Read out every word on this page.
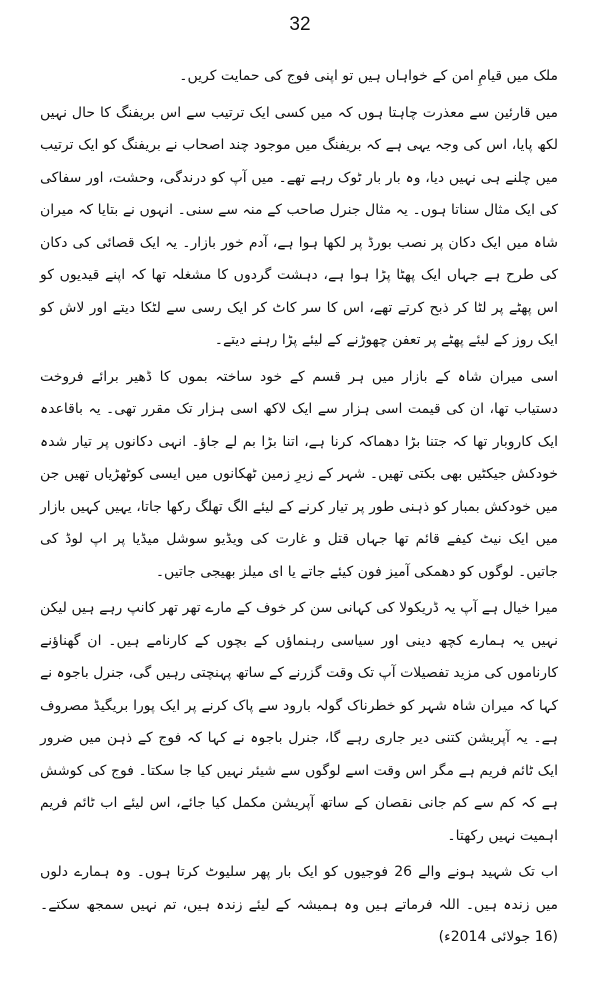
32

ملک میں قیامِ امن کے خواہاں ہیں تو اپنی فوج کی حمایت کریں۔

میں قارئین سے معذرت چاہتا ہوں کہ میں کسی ایک ترتیب سے اس بریفنگ کا حال نہیں لکھ پایا، اس کی وجہ یہی ہے کہ بریفنگ میں موجود چند اصحاب نے بریفنگ کو ایک ترتیب میں چلنے ہی نہیں دیا، وہ بار بار ٹوک رہے تھے۔ میں آپ کو درندگی، وحشت، اور سفاکی کی ایک مثال سناتا ہوں۔ یہ مثال جنرل صاحب کے منہ سے سنی۔ انہوں نے بتایا کہ میران شاہ میں ایک دکان پر نصب بورڈ پر لکھا ہوا ہے، آدم خور بازار۔ یہ ایک قصائی کی دکان کی طرح ہے جہاں ایک پھٹا پڑا ہوا ہے، دہشت گردوں کا مشغلہ تھا کہ اپنے قیدیوں کو اس پھٹے پر لٹا کر ذبح کرتے تھے، اس کا سر کاٹ کر ایک رسی سے لٹکا دیتے اور لاش کو ایک روز کے لیئے پھٹے پر تعفن چھوڑنے کے لیئے پڑا رہنے دیتے۔

اسی میران شاہ کے بازار میں ہر قسم کے خود ساختہ بموں کا ڈھیر برائے فروخت دستیاب تھا، ان کی قیمت اسی ہزار سے ایک لاکھ اسی ہزار تک مقرر تھی۔ یہ باقاعدہ ایک کاروبار تھا کہ جتنا بڑا دھماکہ کرنا ہے، اتنا بڑا بم لے جاؤ۔ انہی دکانوں پر تیار شدہ خودکش جیکٹیں بھی بکتی تھیں۔ شہر کے زیرِ زمین ٹھکانوں میں ایسی کوٹھڑیاں تھیں جن میں خودکش بمبار کو ذہنی طور پر تیار کرنے کے لیئے الگ تھلگ رکھا جاتا، یہیں کہیں بازار میں ایک نیٹ کیفے قائم تھا جہاں قتل و غارت کی ویڈیو سوشل میڈیا پر اپ لوڈ کی جاتیں۔ لوگوں کو دھمکی آمیز فون کیئے جاتے یا ای میلز بھیجی جاتیں۔

میرا خیال ہے آپ یہ ڈریکولا کی کہانی سن کر خوف کے مارے تھر تھر کانپ رہے ہیں لیکن نہیں یہ ہمارے کچھ دینی اور سیاسی رہنماؤں کے بچوں کے کارنامے ہیں۔ ان گھناؤنے کارناموں کی مزید تفصیلات آپ تک وقت گزرنے کے ساتھ پہنچتی رہیں گی، جنرل باجوہ نے کہا کہ میران شاہ شہر کو خطرناک گولہ بارود سے پاک کرنے پر ایک پورا بریگیڈ مصروف ہے۔ یہ آپریشن کتنی دیر جاری رہے گا، جنرل باجوہ نے کہا کہ فوج کے ذہن میں ضرور ایک ٹائم فریم ہے مگر اس وقت اسے لوگوں سے شیئر نہیں کیا جا سکتا۔ فوج کی کوشش ہے کہ کم سے کم جانی نقصان کے ساتھ آپریشن مکمل کیا جائے، اس لیئے اب ٹائم فریم اہمیت نہیں رکھتا۔

اب تک شہید ہونے والے 26 فوجیوں کو ایک بار پھر سلیوٹ کرتا ہوں۔ وہ ہمارے دلوں میں زندہ ہیں۔ اللہ فرماتے ہیں وہ ہمیشہ کے لیئے زندہ ہیں، تم نہیں سمجھ سکتے۔ (16 جولائی 2014ء)
